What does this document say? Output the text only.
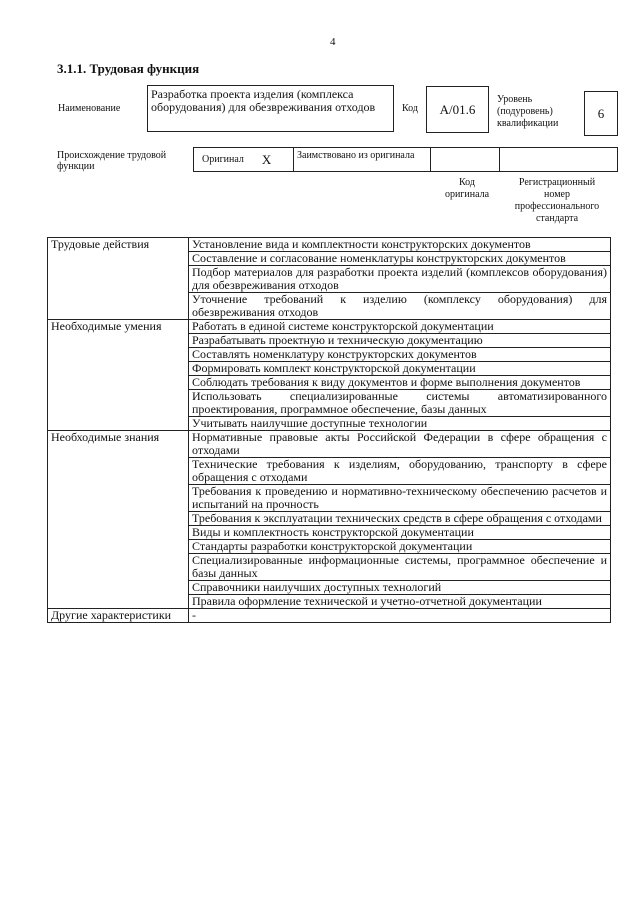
4
3.1.1. Трудовая функция
Наименование
Разработка проекта изделия (комплекса оборудования) для обезвреживания отходов	Код	A/01.6
Уровень (подуровень) квалификации
6
Происхождение трудовой функции
Оригинал X	Заимствовано из оригинала
Код оригинала
Регистрационный номер профессионального стандарта
Трудовые действия	Установление вида и комплектности конструкторских документов
	Составление и согласование номенклатуры конструкторских документов
	Подбор материалов для разработки проекта изделий (комплексов оборудования) для обезвреживания отходов
	Уточнение требований к изделию (комплексу оборудования) для обезвреживания отходов
Необходимые умения	Работать в единой системе конструкторской документации
	Разрабатывать проектную и техническую документацию
	Составлять номенклатуру конструкторских документов
	Формировать комплект конструкторской документации
	Соблюдать требования к виду документов и форме выполнения документов
	Использовать специализированные системы автоматизированного проектирования, программное обеспечение, базы данных
	Учитывать наилучшие доступные технологии
Необходимые знания	Нормативные правовые акты Российской Федерации в сфере обращения с отходами
	Технические требования к изделиям, оборудованию, транспорту в сфере обращения с отходами
	Требования к проведению и нормативно-техническому обеспечению расчетов и испытаний на прочность
	Требования к эксплуатации технических средств в сфере обращения с отходами
	Виды и комплектность конструкторской документации
	Стандарты разработки конструкторской документации
	Специализированные информационные системы, программное обеспечение и базы данных
	Справочники наилучших доступных технологий
	Правила оформление технической и учетно-отчетной документации
Другие характеристики	-
